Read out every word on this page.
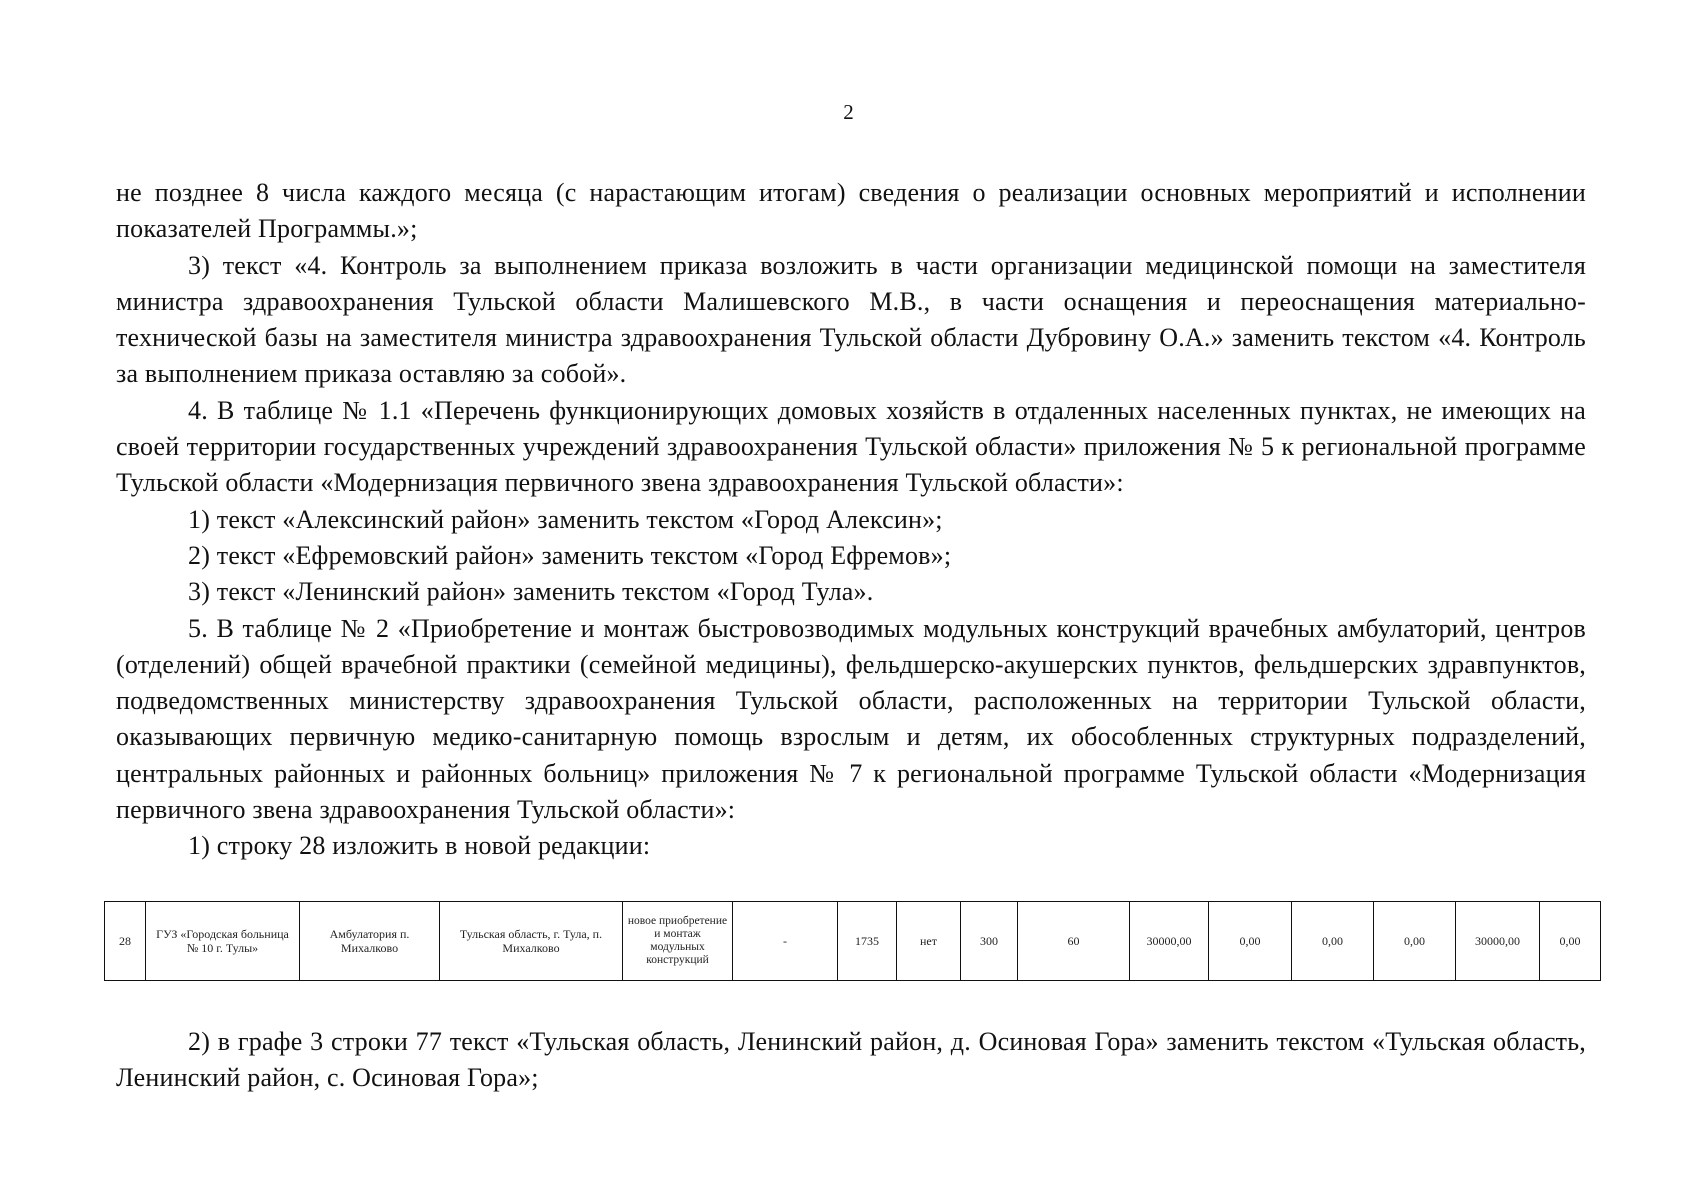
2

не позднее 8 числа каждого месяца (с нарастающим итогам) сведения о реализации основных мероприятий и исполнении показателей Программы.»;

3) текст «4. Контроль за выполнением приказа возложить в части организации медицинской помощи на заместителя министра здравоохранения Тульской области Малишевского М.В., в части оснащения и переоснащения материально-технической базы на заместителя министра здравоохранения Тульской области Дубровину О.А.» заменить текстом «4. Контроль за выполнением приказа оставляю за собой».

4. В таблице № 1.1 «Перечень функционирующих домовых хозяйств в отдаленных населенных пунктах, не имеющих на своей территории государственных учреждений здравоохранения Тульской области» приложения № 5 к региональной программе Тульской области «Модернизация первичного звена здравоохранения Тульской области»:

1) текст «Алексинский район» заменить текстом «Город Алексин»;

2) текст «Ефремовский район» заменить текстом «Город Ефремов»;

3) текст «Ленинский район» заменить текстом «Город Тула».

5. В таблице № 2 «Приобретение и монтаж быстровозводимых модульных конструкций врачебных амбулаторий, центров (отделений) общей врачебной практики (семейной медицины), фельдшерско-акушерских пунктов, фельдшерских здравпунктов, подведомственных министерству здравоохранения Тульской области, расположенных на территории Тульской области, оказывающих первичную медико-санитарную помощь взрослым и детям, их обособленных структурных подразделений, центральных районных и районных больниц» приложения № 7 к региональной программе Тульской области «Модернизация первичного звена здравоохранения Тульской области»:

1) строку 28 изложить в новой редакции:

28	ГУЗ «Городская больница № 10 г. Тулы»	Амбулатория п. Михалково	Тульская область, г. Тула, п. Михалково	новое приобретение и монтаж модульных конструкций	-	1735	нет	300	60	30000,00	0,00	0,00	0,00	30000,00	0,00

2) в графе 3 строки 77 текст «Тульская область, Ленинский район, д. Осиновая Гора» заменить текстом «Тульская область, Ленинский район, с. Осиновая Гора»;
